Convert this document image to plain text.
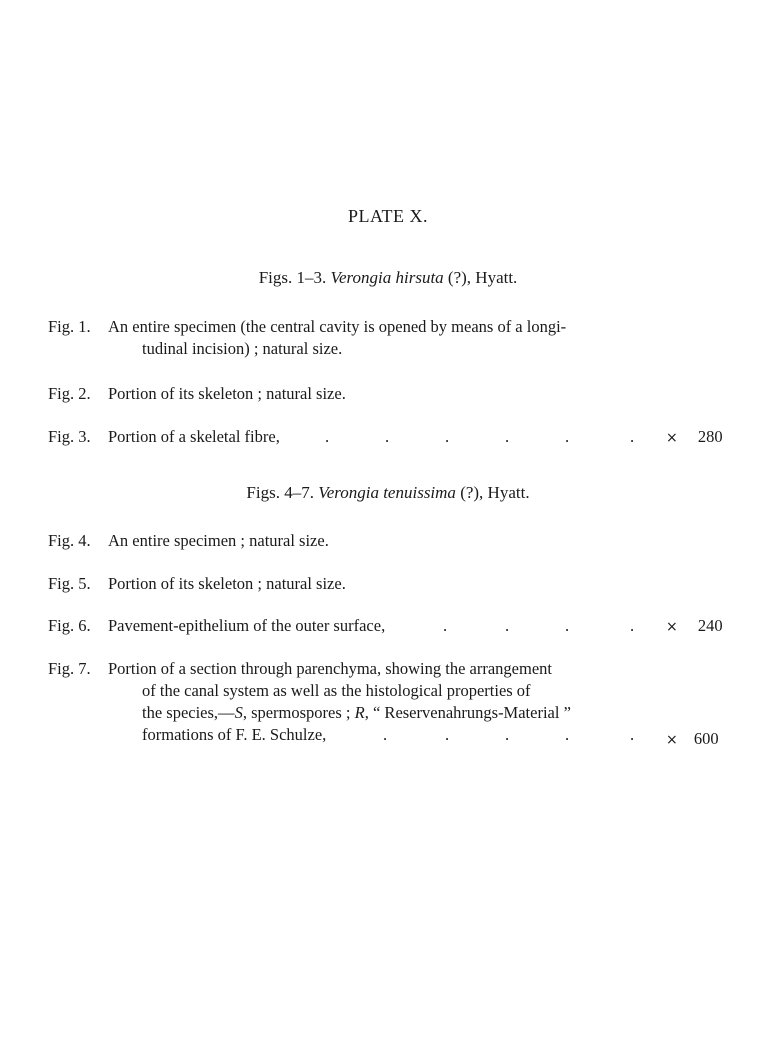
PLATE X.
Figs. 1–3. Verongia hirsuta (?), Hyatt.
Fig. 1. An entire specimen (the central cavity is opened by means of a longi-
tudinal incision) ; natural size.
Fig. 2. Portion of its skeleton ; natural size.
Fig. 3. Portion of a skeletal fibre,	.	.	.	.	.	. × 280
Figs. 4–7. Verongia tenuissima (?), Hyatt.
Fig. 4. An entire specimen ; natural size.
Fig. 5. Portion of its skeleton ; natural size.
Fig. 6. Pavement-epithelium of the outer surface,	.	.	.	. × 240
Fig. 7. Portion of a section through parenchyma, showing the arrangement
of the canal system as well as the histological properties of
the species,—S, spermospores ; R, “ Reservenahrungs-Material ”
formations of F. E. Schulze,	.	.	.	.	. × 600
